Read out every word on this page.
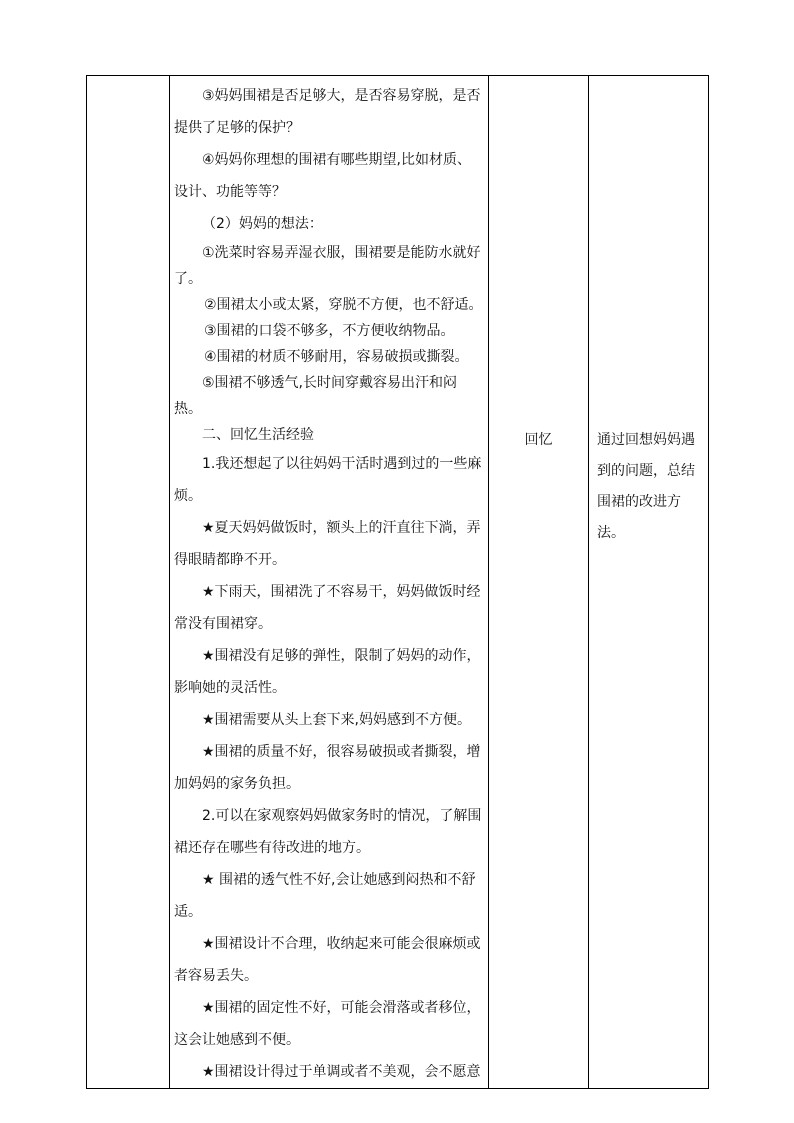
③妈妈围裙是否足够大，是否容易穿脱，是否提供了足够的保护？

④妈妈你理想的围裙有哪些期望,比如材质、设计、功能等等？

（2）妈妈的想法：

①洗菜时容易弄湿衣服，围裙要是能防水就好了。

②围裙太小或太紧，穿脱不方便，也不舒适。

③围裙的口袋不够多，不方便收纳物品。

④围裙的材质不够耐用，容易破损或撕裂。

⑤围裙不够透气,长时间穿戴容易出汗和闷热。

二、回忆生活经验

1.我还想起了以往妈妈干活时遇到过的一些麻烦。

★夏天妈妈做饭时，额头上的汗直往下淌，弄得眼睛都睁不开。

★下雨天，围裙洗了不容易干，妈妈做饭时经常没有围裙穿。

★围裙没有足够的弹性，限制了妈妈的动作，影响她的灵活性。

★围裙需要从头上套下来,妈妈感到不方便。

★围裙的质量不好，很容易破损或者撕裂，增加妈妈的家务负担。

2.可以在家观察妈妈做家务时的情况，了解围裙还存在哪些有待改进的地方。

★ 围裙的透气性不好,会让她感到闷热和不舒适。

★围裙设计不合理，收纳起来可能会很麻烦或者容易丢失。

★围裙的固定性不好，可能会滑落或者移位，这会让她感到不便。

★围裙设计得过于单调或者不美观，会不愿意

回忆	通过回想妈妈遇到的问题，总结围裙的改进方法。
